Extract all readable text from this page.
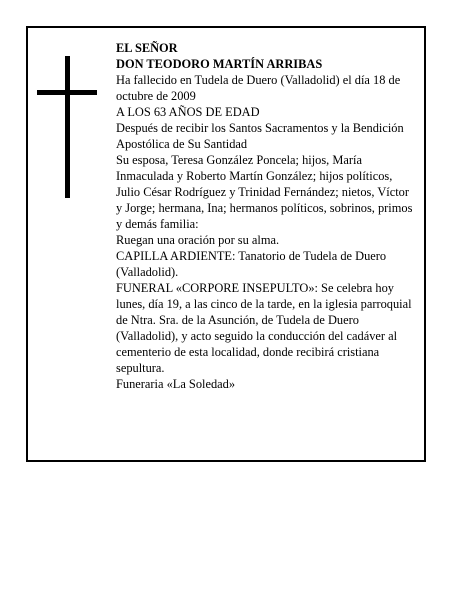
EL SEÑOR

DON TEODORO MARTÍN ARRIBAS

Ha fallecido en Tudela de Duero (Valladolid) el día 18 de octubre de 2009

A LOS 63 AÑOS DE EDAD

Después de recibir los Santos Sacramentos y la Bendición Apostólica de Su Santidad

Su esposa, Teresa González Poncela; hijos, María Inmaculada y Roberto Martín González; hijos políticos, Julio César Rodríguez y Trinidad Fernández; nietos, Víctor y Jorge; hermana, Ina; hermanos políticos, sobrinos, primos y demás familia:

Ruegan una oración por su alma.

CAPILLA ARDIENTE: Tanatorio de Tudela de Duero (Valladolid).

FUNERAL «CORPORE INSEPULTO»: Se celebra hoy lunes, día 19, a las cinco de la tarde, en la iglesia parroquial de Ntra. Sra. de la Asunción, de Tudela de Duero (Valladolid), y acto seguido la conducción del cadáver al cementerio de esta localidad, donde recibirá cristiana sepultura.

Funeraria «La Soledad»
